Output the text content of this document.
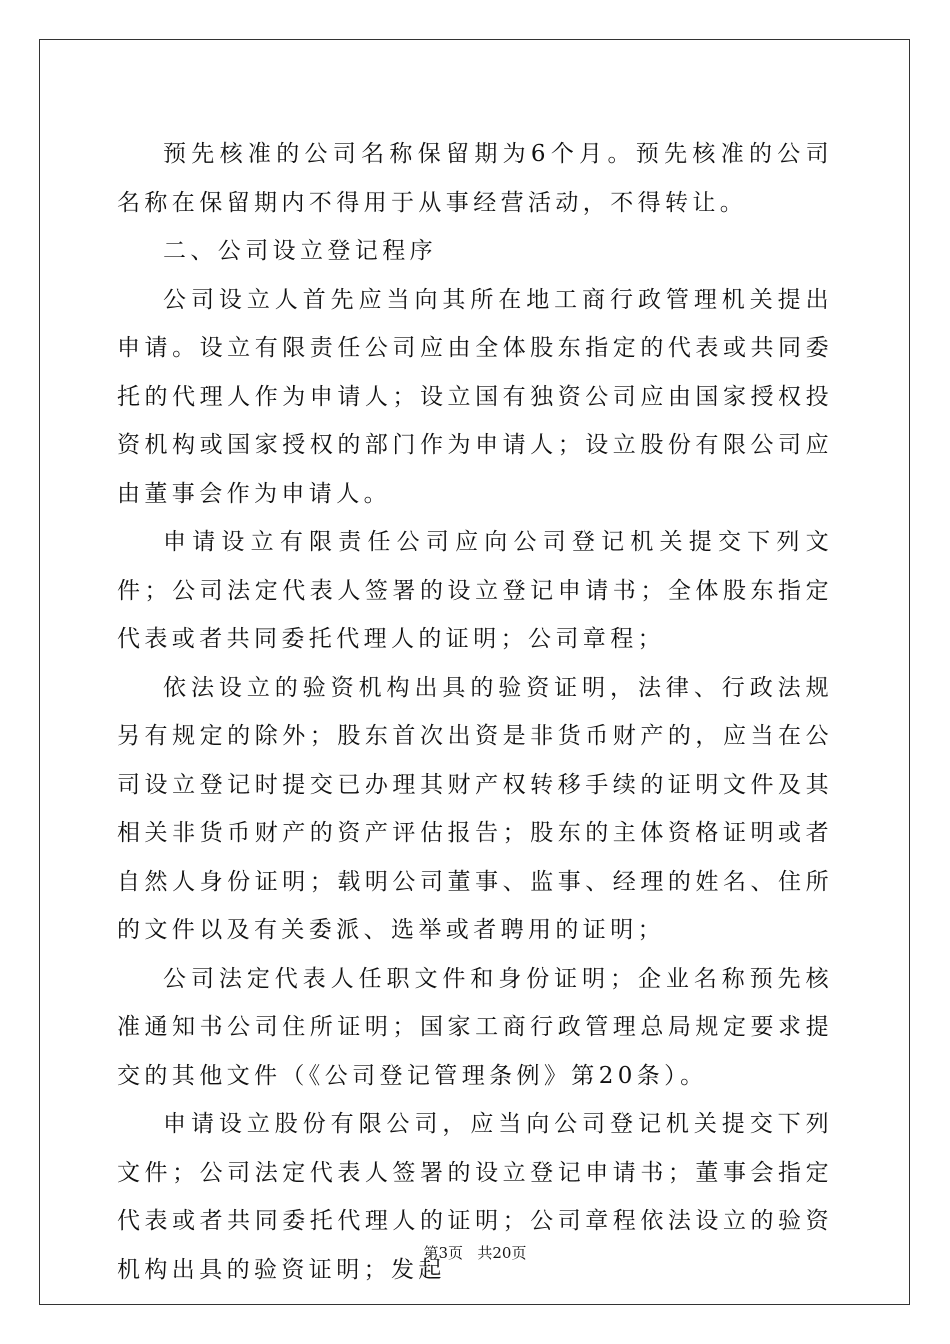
预先核准的公司名称保留期为6个月。预先核准的公司名称在保留期内不得用于从事经营活动，不得转让。

二、公司设立登记程序

公司设立人首先应当向其所在地工商行政管理机关提出申请。设立有限责任公司应由全体股东指定的代表或共同委托的代理人作为申请人；设立国有独资公司应由国家授权投资机构或国家授权的部门作为申请人；设立股份有限公司应由董事会作为申请人。

申请设立有限责任公司应向公司登记机关提交下列文件；公司法定代表人签署的设立登记申请书；全体股东指定代表或者共同委托代理人的证明；公司章程；

依法设立的验资机构出具的验资证明，法律、行政法规另有规定的除外；股东首次出资是非货币财产的，应当在公司设立登记时提交已办理其财产权转移手续的证明文件及其相关非货币财产的资产评估报告；股东的主体资格证明或者自然人身份证明；载明公司董事、监事、经理的姓名、住所的文件以及有关委派、选举或者聘用的证明；

公司法定代表人任职文件和身份证明；企业名称预先核准通知书公司住所证明；国家工商行政管理总局规定要求提交的其他文件（《公司登记管理条例》第20条）。

申请设立股份有限公司，应当向公司登记机关提交下列文件；公司法定代表人签署的设立登记申请书；董事会指定代表或者共同委托代理人的证明；公司章程依法设立的验资机构出具的验资证明；发起

第3页 共20页
